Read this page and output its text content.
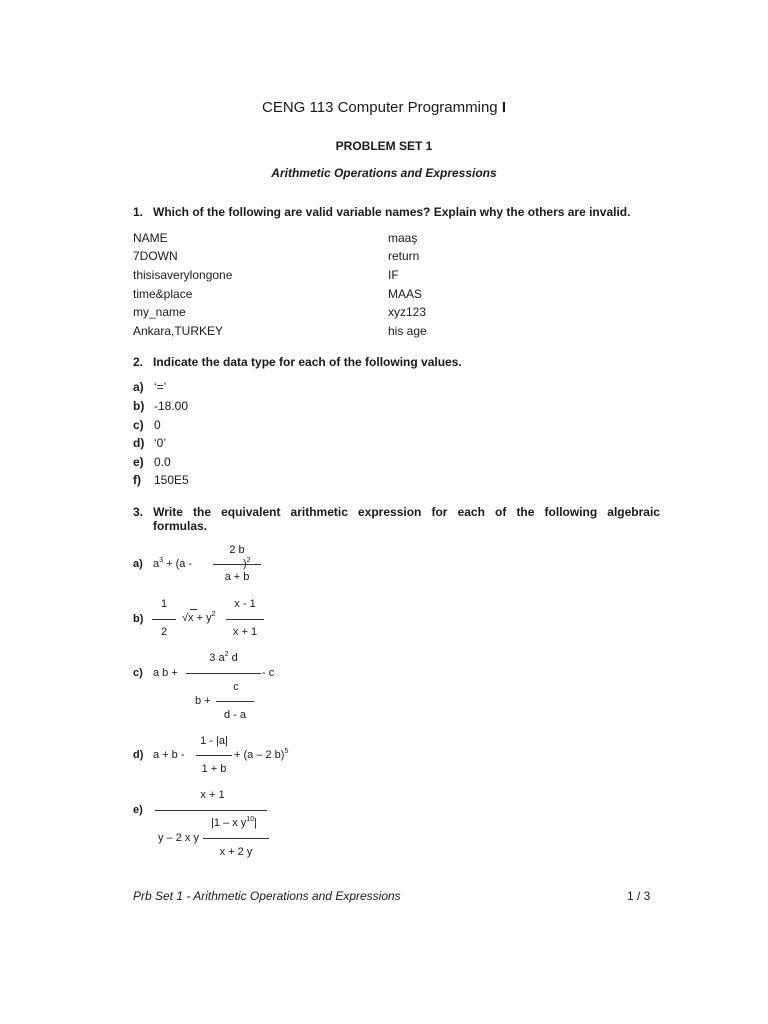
CENG 113 Computer Programming I
PROBLEM SET 1
Arithmetic Operations and Expressions
1. Which of the following are valid variable names? Explain why the others are invalid.
NAME
7DOWN
thisisaverylongone
time&place
my_name
Ankara,TURKEY
maaş
return
IF
MAAS
xyz123
his age
2. Indicate the data type for each of the following values.
a) ‘=’
b) -18.00
c) 0
d) ‘0’
e) 0.0
f) 150E5
3. Write the equivalent arithmetic expression for each of the following algebraic
formulas.
a) $a^3 + (a$ -
2 b
a + b
)$^2$
b)
1
2
$√x + y^2$
x - 1
x + 1
c) a b +
3 $a^2$ d
- c
c
b +
d - a
d) a + b -
1 - |a|
1 + b
+ (a – 2 b)$^5$
e)
x + 1
|1 – x $y^{10}|$
y – 2 x y
x + 2 y
Prb Set 1 - Arithmetic Operations and Expressions	1 / 3
